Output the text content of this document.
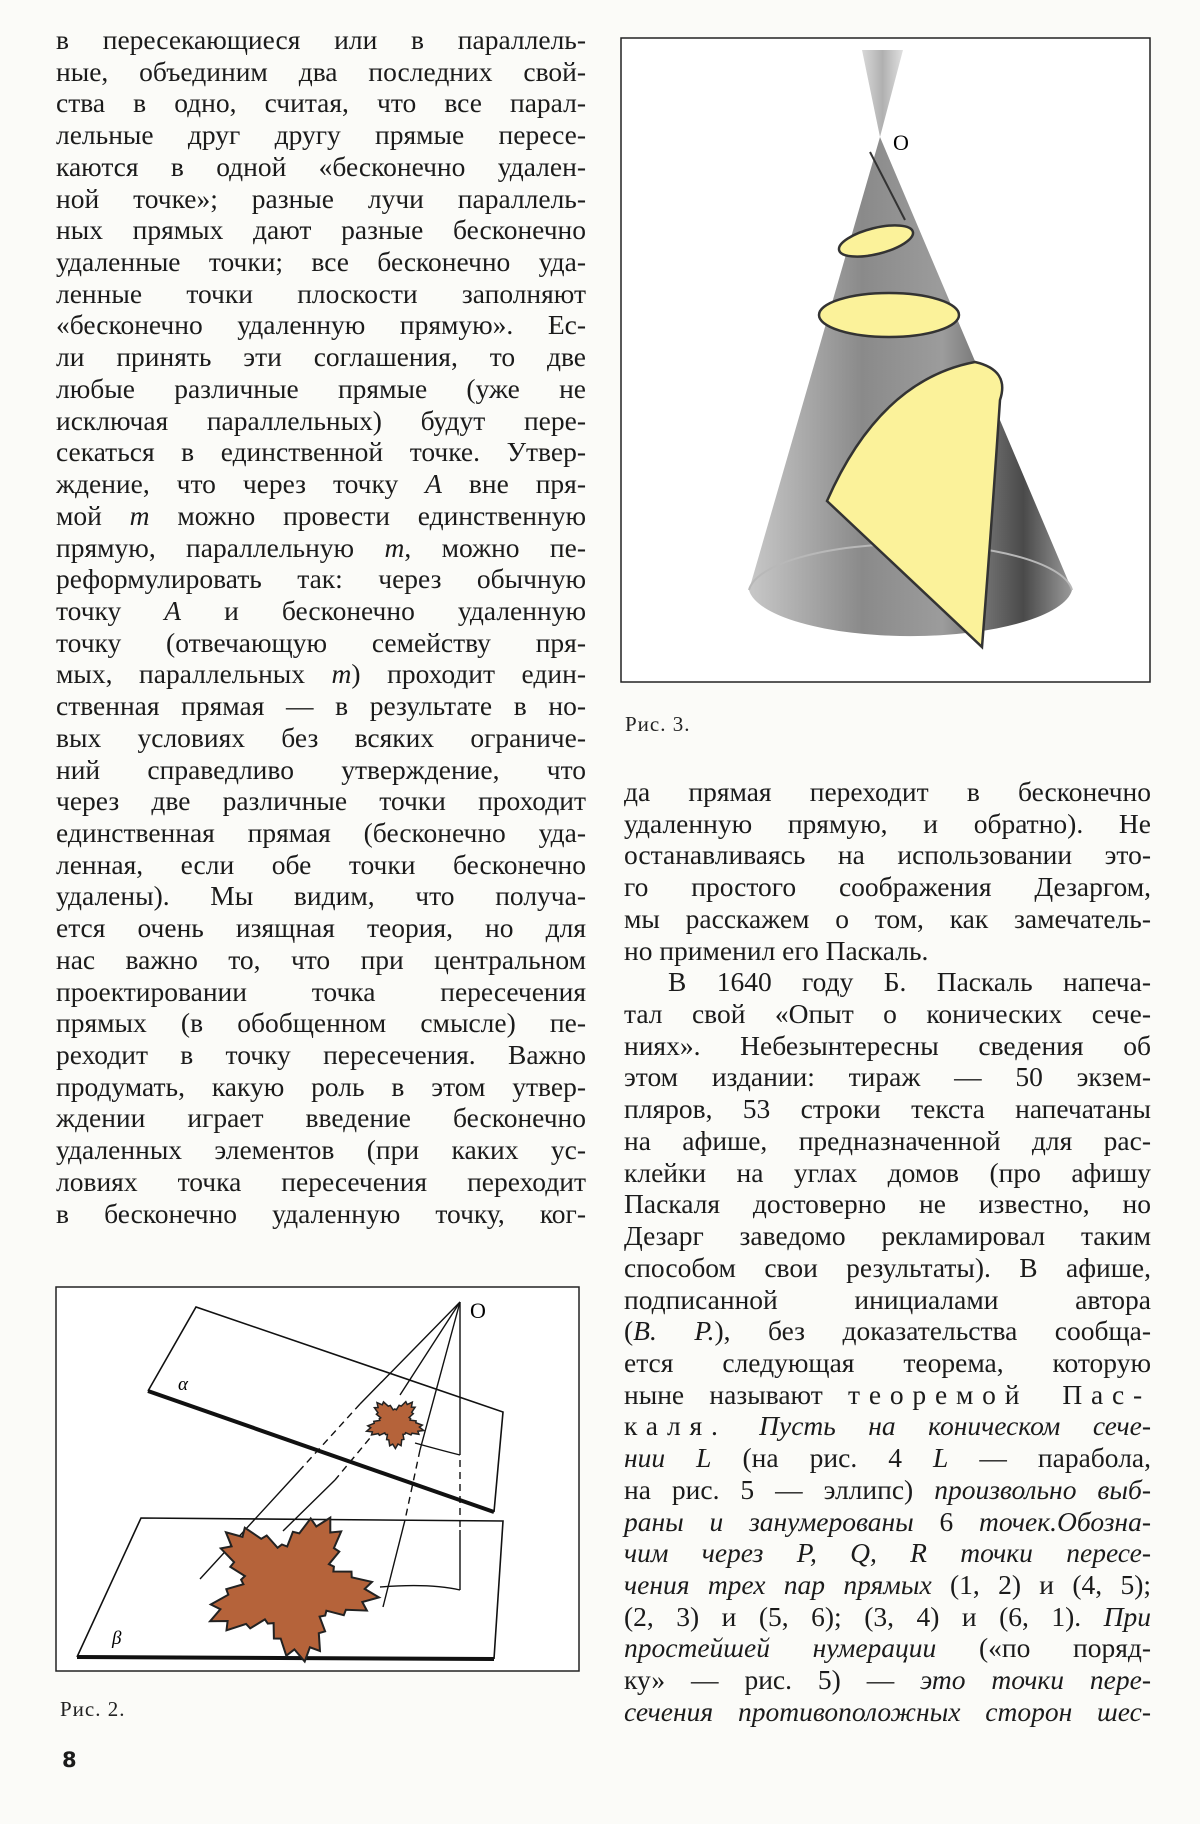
O
O
α
β
в пересекающиеся или в параллель-
ные, объединим два последних свой-
ства в одно, считая, что все парал-
лельные друг другу прямые пересе-
каются в одной «бесконечно удален-
ной точке»; разные лучи параллель-
ных прямых дают разные бесконечно
удаленные точки; все бесконечно уда-
ленные точки плоскости заполняют
«бесконечно удаленную прямую». Ес-
ли принять эти соглашения, то две
любые различные прямые (уже не
исключая параллельных) будут пере-
секаться в единственной точке. Утвер-
ждение, что через точку A вне пря-
мой m можно провести единственную
прямую, параллельную m, можно пе-
реформулировать так: через обычную
точку A и бесконечно удаленную
точку (отвечающую семейству пря-
мых, параллельных m) проходит един-
ственная прямая — в результате в но-
вых условиях без всяких ограниче-
ний справедливо утверждение, что
через две различные точки проходит
единственная прямая (бесконечно уда-
ленная, если обе точки бесконечно
удалены). Мы видим, что получа-
ется очень изящная теория, но для
нас важно то, что при центральном
проектировании точка пересечения
прямых (в обобщенном смысле) пе-
реходит в точку пересечения. Важно
продумать, какую роль в этом утвер-
ждении играет введение бесконечно
удаленных элементов (при каких ус-
ловиях точка пересечения переходит
в бесконечно удаленную точку, ког-
да прямая переходит в бесконечно
удаленную прямую, и обратно). Не
останавливаясь на использовании это-
го простого соображения Дезаргом,
мы расскажем о том, как замечатель-
но применил его Паскаль.
В 1640 году Б. Паскаль напеча-
тал свой «Опыт о конических сече-
ниях». Небезынтересны сведения об
этом издании: тираж — 50 экзем-
пляров, 53 строки текста напечатаны
на афише, предназначенной для рас-
клейки на углах домов (про афишу
Паскаля достоверно не известно, но
Дезарг заведомо рекламировал таким
способом свои результаты). В афише,
подписанной инициалами автора
(B. P.), без доказательства сообща-
ется следующая теорема, которую
ныне называют теоремой Пас-
каля. Пусть на коническом сече-
нии L (на рис. 4 L — парабола,
на рис. 5 — эллипс) произвольно выб-
раны и занумерованы 6 точек.Обозна-
чим через P, Q, R точки пересе-
чения трех пар прямых (1, 2) и (4, 5);
(2, 3) и (5, 6); (3, 4) и (6, 1). При
простейшей нумерации («по поряд-
ку» — рис. 5) — это точки пере-
сечения противоположных сторон шес-
Рис. 3.
Рис. 2.
8
